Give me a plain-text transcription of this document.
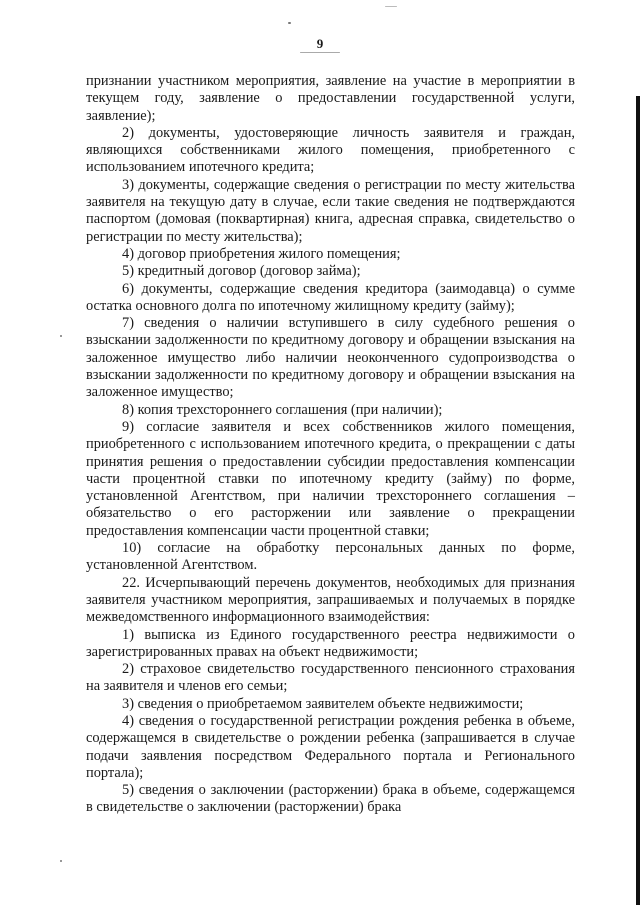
9

признании участником мероприятия, заявление на участие в мероприятии в текущем году, заявление о предоставлении государственной услуги, заявление);

2) документы, удостоверяющие личность заявителя и граждан, являющихся собственниками жилого помещения, приобретенного с использованием ипотечного кредита;

3) документы, содержащие сведения о регистрации по месту жительства заявителя на текущую дату в случае, если такие сведения не подтверждаются паспортом (домовая (поквартирная) книга, адресная справка, свидетельство о регистрации по месту жительства);

4) договор приобретения жилого помещения;

5) кредитный договор (договор займа);

6) документы, содержащие сведения кредитора (заимодавца) о сумме остатка основного долга по ипотечному жилищному кредиту (займу);

7) сведения о наличии вступившего в силу судебного решения о взыскании задолженности по кредитному договору и обращении взыскания на заложенное имущество либо наличии неоконченного судопроизводства о взыскании задолженности по кредитному договору и обращении взыскания на заложенное имущество;

8) копия трехстороннего соглашения (при наличии);

9) согласие заявителя и всех собственников жилого помещения, приобретенного с использованием ипотечного кредита, о прекращении с даты принятия решения о предоставлении субсидии предоставления компенсации части процентной ставки по ипотечному кредиту (займу) по форме, установленной Агентством, при наличии трехстороннего соглашения – обязательство о его расторжении или заявление о прекращении предоставления компенсации части процентной ставки;

10) согласие на обработку персональных данных по форме, установленной Агентством.

22. Исчерпывающий перечень документов, необходимых для признания заявителя участником мероприятия, запрашиваемых и получаемых в порядке межведомственного информационного взаимодействия:

1) выписка из Единого государственного реестра недвижимости о зарегистрированных правах на объект недвижимости;

2) страховое свидетельство государственного пенсионного страхования на заявителя и членов его семьи;

3) сведения о приобретаемом заявителем объекте недвижимости;

4) сведения о государственной регистрации рождения ребенка в объеме, содержащемся в свидетельстве о рождении ребенка (запрашивается в случае подачи заявления посредством Федерального портала и Регионального портала);

5) сведения о заключении (расторжении) брака в объеме, содержащемся в свидетельстве о заключении (расторжении) брака
